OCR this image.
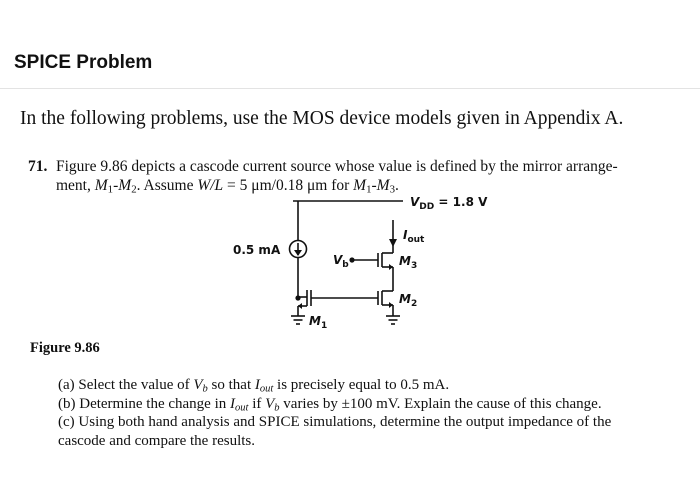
SPICE Problem
In the following problems, use the MOS device models given in Appendix A.
71. Figure 9.86 depicts a cascode current source whose value is defined by the mirror arrange-
ment, $M_1-M_2$. Assume W/L = 5 μm/0.18 μm for $M_1-M_3$.
$V_{DD} = 1.8$ V
$I_{out}$
0.5 mA
$V_b$	$M_3$
$M_2$
$M_1$
Figure 9.86
(a) Select the value of $V_b$ so that $I_{out}$ is precisely equal to 0.5 mA.
(b) Determine the change in $I_{out}$ if $V_b$ varies by ±100 mV. Explain the cause of this change.
(c) Using both hand analysis and SPICE simulations, determine the output impedance of the
cascode and compare the results.
